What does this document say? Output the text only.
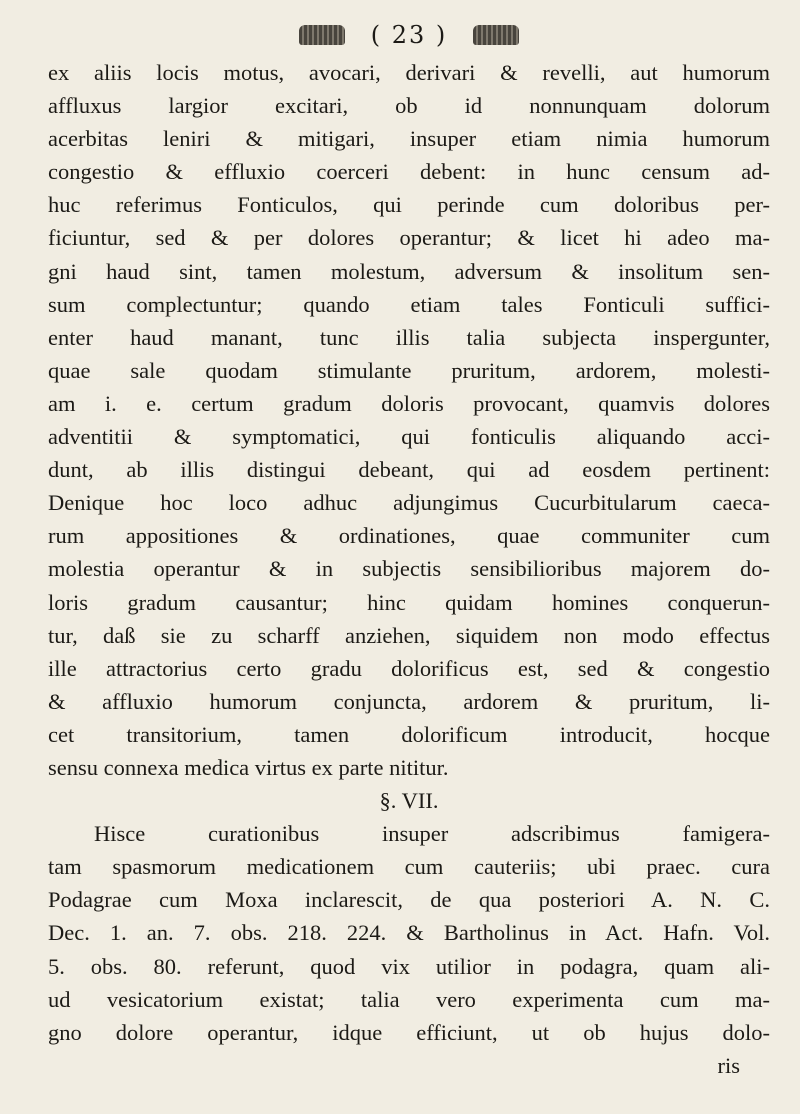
( 23 )
ex aliis locis motus, avocari, derivari & revelli, aut humorum
affluxus largior excitari, ob id nonnunquam dolorum
acerbitas leniri & mitigari, insuper etiam nimia humorum
congestio & effluxio coerceri debent: in hunc censum ad-
huc referimus Fonticulos, qui perinde cum doloribus per-
ficiuntur, sed & per dolores operantur; & licet hi adeo ma-
gni haud sint, tamen molestum, adversum & insolitum sen-
sum complectuntur; quando etiam tales Fonticuli suffici-
enter haud manant, tunc illis talia subjecta inspergunter,
quae sale quodam stimulante pruritum, ardorem, molesti-
am i. e. certum gradum doloris provocant, quamvis dolores
adventitii & symptomatici, qui fonticulis aliquando acci-
dunt, ab illis distingui debeant, qui ad eosdem pertinent:
Denique hoc loco adhuc adjungimus Cucurbitularum caeca-
rum appositiones & ordinationes, quae communiter cum
molestia operantur & in subjectis sensibilioribus majorem do-
loris gradum causantur; hinc quidam homines conquerun-
tur, daß sie zu scharff anziehen, siquidem non modo effectus
ille attractorius certo gradu dolorificus est, sed & congestio
& affluxio humorum conjuncta, ardorem & pruritum, li-
cet transitorium, tamen dolorificum introducit, hocque
sensu connexa medica virtus ex parte nititur.
§. VII.
Hisce curationibus insuper adscribimus famigera-
tam spasmorum medicationem cum cauteriis; ubi praec. cura
Podagrae cum Moxa inclarescit, de qua posteriori A. N. C.
Dec. 1. an. 7. obs. 218. 224. & Bartholinus in Act. Hafn. Vol.
5. obs. 80. referunt, quod vix utilior in podagra, quam ali-
ud vesicatorium existat; talia vero experimenta cum ma-
gno dolore operantur, idque efficiunt, ut ob hujus dolo-
ris
